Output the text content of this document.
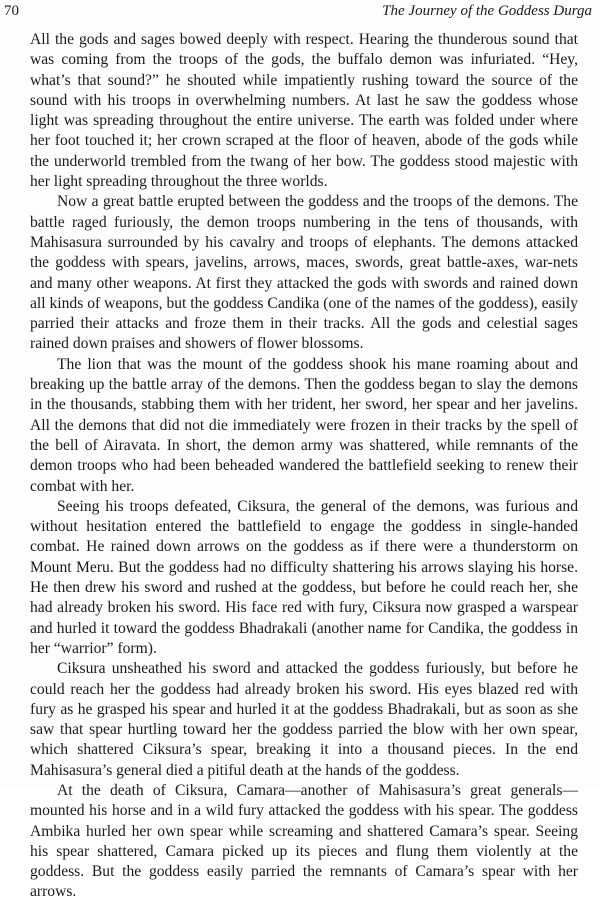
70	The Journey of the Goddess Durga

All the gods and sages bowed deeply with respect. Hearing the thunderous sound that was coming from the troops of the gods, the buffalo demon was infuriated. “Hey, what’s that sound?” he shouted while impatiently rushing toward the source of the sound with his troops in overwhelming numbers. At last he saw the goddess whose light was spreading throughout the entire universe. The earth was folded under where her foot touched it; her crown scraped at the floor of heaven, abode of the gods while the underworld trembled from the twang of her bow. The goddess stood majestic with her light spreading throughout the three worlds.

Now a great battle erupted between the goddess and the troops of the demons. The battle raged furiously, the demon troops numbering in the tens of thousands, with Mahisasura surrounded by his cavalry and troops of elephants. The demons attacked the goddess with spears, javelins, arrows, maces, swords, great battle-axes, war-nets and many other weapons. At first they attacked the gods with swords and rained down all kinds of weapons, but the goddess Candika (one of the names of the goddess), easily parried their attacks and froze them in their tracks. All the gods and celestial sages rained down praises and showers of flower blossoms.

The lion that was the mount of the goddess shook his mane roaming about and breaking up the battle array of the demons. Then the goddess began to slay the demons in the thousands, stabbing them with her trident, her sword, her spear and her javelins. All the demons that did not die immediately were frozen in their tracks by the spell of the bell of Airavata. In short, the demon army was shattered, while remnants of the demon troops who had been beheaded wandered the battlefield seeking to renew their combat with her.

Seeing his troops defeated, Ciksura, the general of the demons, was furious and without hesitation entered the battlefield to engage the goddess in single-handed combat. He rained down arrows on the goddess as if there were a thunderstorm on Mount Meru. But the goddess had no difficulty shattering his arrows slaying his horse. He then drew his sword and rushed at the goddess, but before he could reach her, she had already broken his sword. His face red with fury, Ciksura now grasped a warspear and hurled it toward the goddess Bhadrakali (another name for Candika, the goddess in her “warrior” form).

Ciksura unsheathed his sword and attacked the goddess furiously, but before he could reach her the goddess had already broken his sword. His eyes blazed red with fury as he grasped his spear and hurled it at the goddess Bhadrakali, but as soon as she saw that spear hurtling toward her the goddess parried the blow with her own spear, which shattered Ciksura’s spear, breaking it into a thousand pieces. In the end Mahisasura’s general died a pitiful death at the hands of the goddess.

At the death of Ciksura, Camara—another of Mahisasura’s great generals—mounted his horse and in a wild fury attacked the goddess with his spear. The goddess Ambika hurled her own spear while screaming and shattered Camara’s spear. Seeing his spear shattered, Camara picked up its pieces and flung them violently at the goddess. But the goddess easily parried the remnants of Camara’s spear with her arrows.
